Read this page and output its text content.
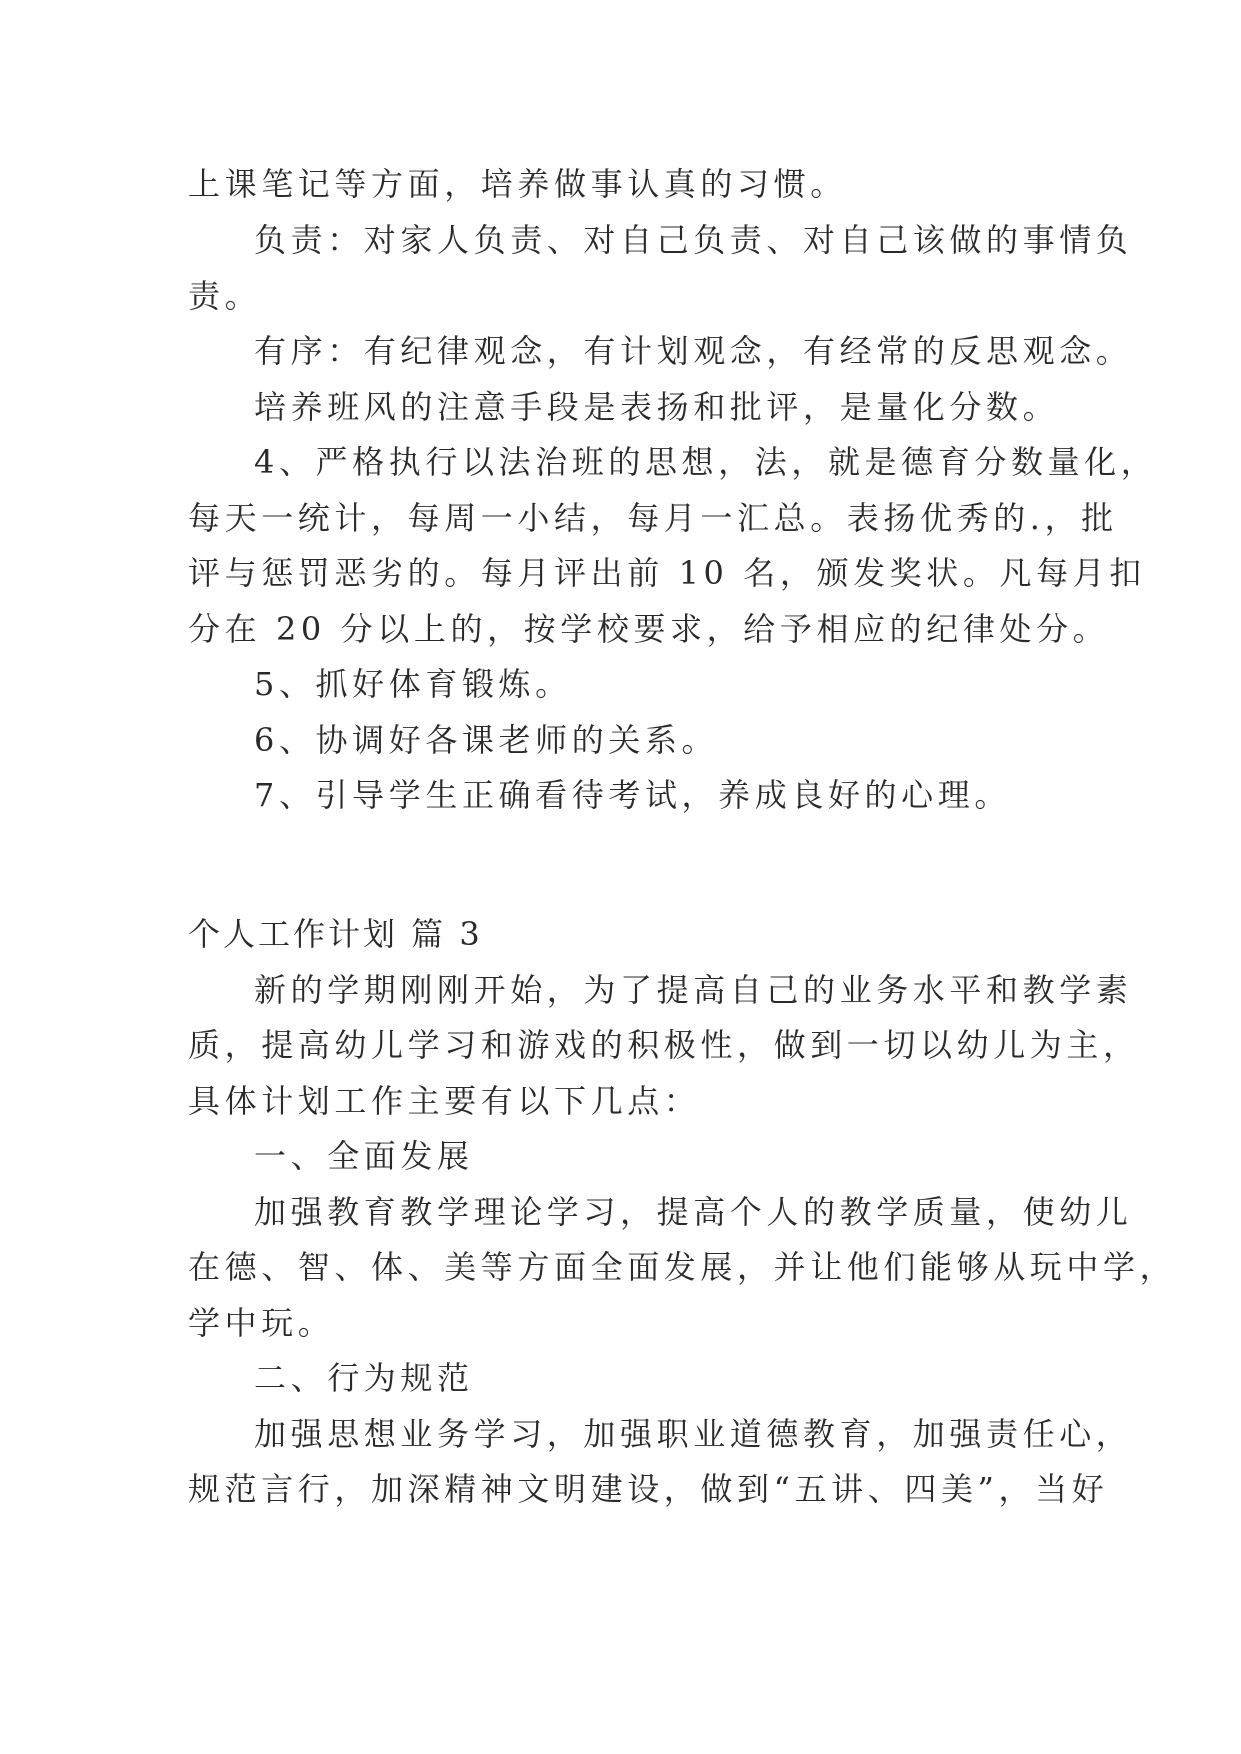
上课笔记等方面，培养做事认真的习惯。
负责：对家人负责、对自己负责、对自己该做的事情负
责。
有序：有纪律观念，有计划观念，有经常的反思观念。
培养班风的注意手段是表扬和批评，是量化分数。
4、严格执行以法治班的思想，法，就是德育分数量化，
每天一统计，每周一小结，每月一汇总。表扬优秀的.，批
评与惩罚恶劣的。每月评出前 10 名，颁发奖状。凡每月扣
分在 20 分以上的，按学校要求，给予相应的纪律处分。
5、抓好体育锻炼。
6、协调好各课老师的关系。
7、引导学生正确看待考试，养成良好的心理。
个人工作计划 篇 3
新的学期刚刚开始，为了提高自己的业务水平和教学素
质，提高幼儿学习和游戏的积极性，做到一切以幼儿为主，
具体计划工作主要有以下几点：
一、全面发展
加强教育教学理论学习，提高个人的教学质量，使幼儿
在德、智、体、美等方面全面发展，并让他们能够从玩中学，
学中玩。
二、行为规范
加强思想业务学习，加强职业道德教育，加强责任心，
规范言行，加深精神文明建设，做到“五讲、四美”，当好
